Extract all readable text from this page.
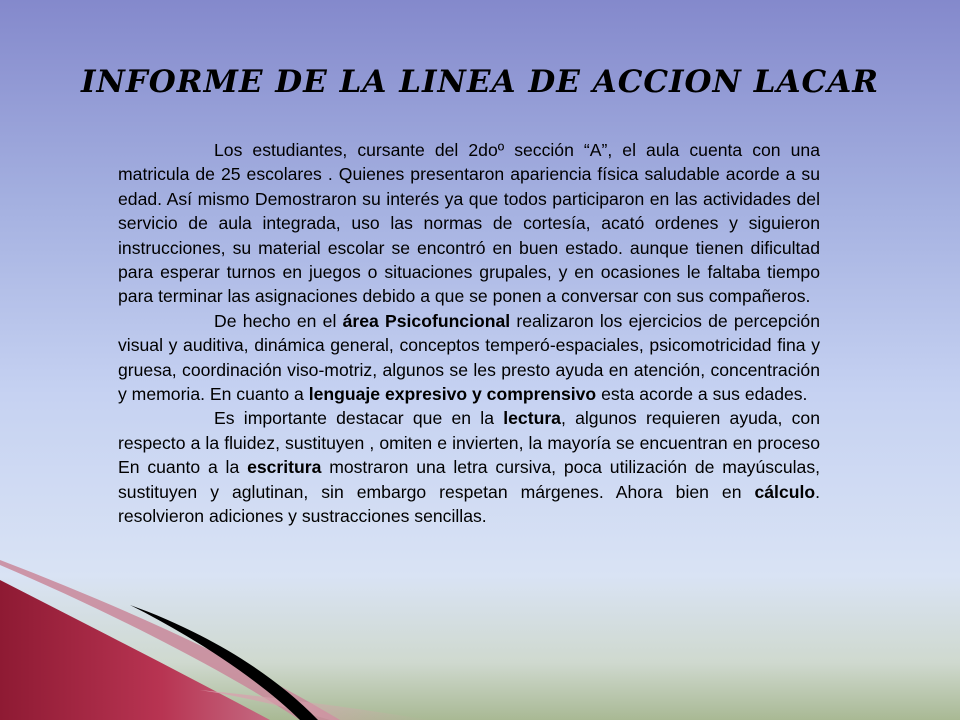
INFORME DE LA LINEA DE ACCION LACAR

Los estudiantes, cursante del 2doº sección “A”, el aula cuenta con una matricula de 25 escolares . Quienes presentaron apariencia física saludable acorde a su edad. Así mismo Demostraron su interés ya que todos participaron en las actividades del servicio de aula integrada, uso las normas de cortesía, acató ordenes y siguieron instrucciones, su material escolar se encontró en buen estado. aunque tienen dificultad para esperar turnos en juegos o situaciones grupales, y en ocasiones le faltaba tiempo para terminar las asignaciones debido a que se ponen a conversar con sus compañeros.

De hecho en el área Psicofuncional realizaron los ejercicios de percepción visual y auditiva, dinámica general, conceptos temperó-espaciales, psicomotricidad fina y gruesa, coordinación viso-motriz, algunos se les presto ayuda en atención, concentración y memoria. En cuanto a lenguaje expresivo y comprensivo esta acorde a sus edades.

Es importante destacar que en la lectura, algunos requieren ayuda, con respecto a la fluidez, sustituyen , omiten e invierten, la mayoría se encuentran en proceso En cuanto a la escritura mostraron una letra cursiva, poca utilización de mayúsculas, sustituyen y aglutinan, sin embargo respetan márgenes. Ahora bien en cálculo. resolvieron adiciones y sustracciones sencillas.
